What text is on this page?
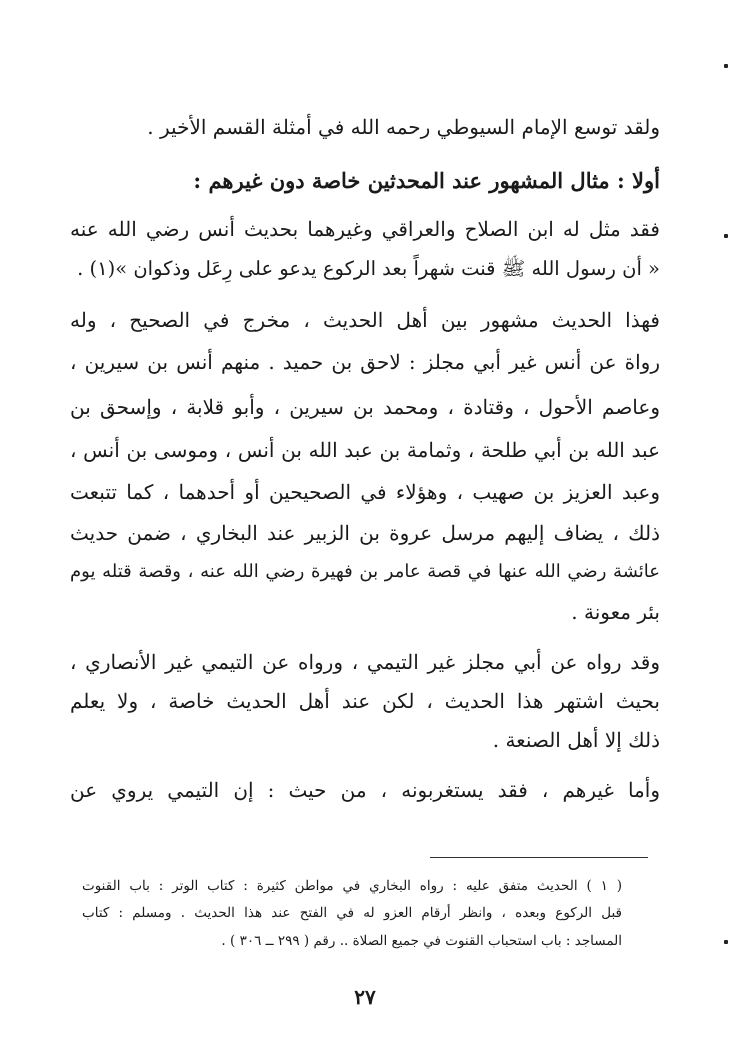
ولقد توسع الإمام السيوطي رحمه الله في أمثلة القسم الأخير .
أولا : مثال المشهور عند المحدثين خاصة دون غيرهم :
فقد مثل له ابن الصلاح والعراقي وغيرهما بحديث أنس رضي الله عنه
« أن رسول الله ﷺ قنت شهراً بعد الركوع يدعو على رِعَل وذكوان »(١) .
فهذا الحديث مشهور بين أهل الحديث ، مخرج في الصحيح ، وله
رواة عن أنس غير أبي مجلز : لاحق بن حميد . منهم أنس بن سيرين ،
وعاصم الأحول ، وقتادة ، ومحمد بن سيرين ، وأبو قلابة ، وإسحق بن
عبد الله بن أبي طلحة ، وثمامة بن عبد الله بن أنس ، وموسى بن أنس ،
وعبد العزيز بن صهيب ، وهؤلاء في الصحيحين أو أحدهما ، كما تتبعت
ذلك ، يضاف إليهم مرسل عروة بن الزبير عند البخاري ، ضمن حديث
عائشة رضي الله عنها في قصة عامر بن فهيرة رضي الله عنه ، وقصة قتله يوم
بئر معونة .
وقد رواه عن أبي مجلز غير التيمي ، ورواه عن التيمي غير الأنصاري ،
بحيث اشتهر هذا الحديث ، لكن عند أهل الحديث خاصة ، ولا يعلم
ذلك إلا أهل الصنعة .
وأما غيرهم ، فقد يستغربونه ، من حيث : إن التيمي يروي عن
( ١ ) الحديث متفق عليه : رواه البخاري في مواطن كثيرة : كتاب الوتر : باب القنوت
قبل الركوع وبعده ، وانظر أرقام العزو له في الفتح عند هذا الحديث . ومسلم : كتاب
المساجد : باب استحباب القنوت في جميع الصلاة .. رقم ( ٢٩٩ ــ ٣٠٦ ) .
٢٧
